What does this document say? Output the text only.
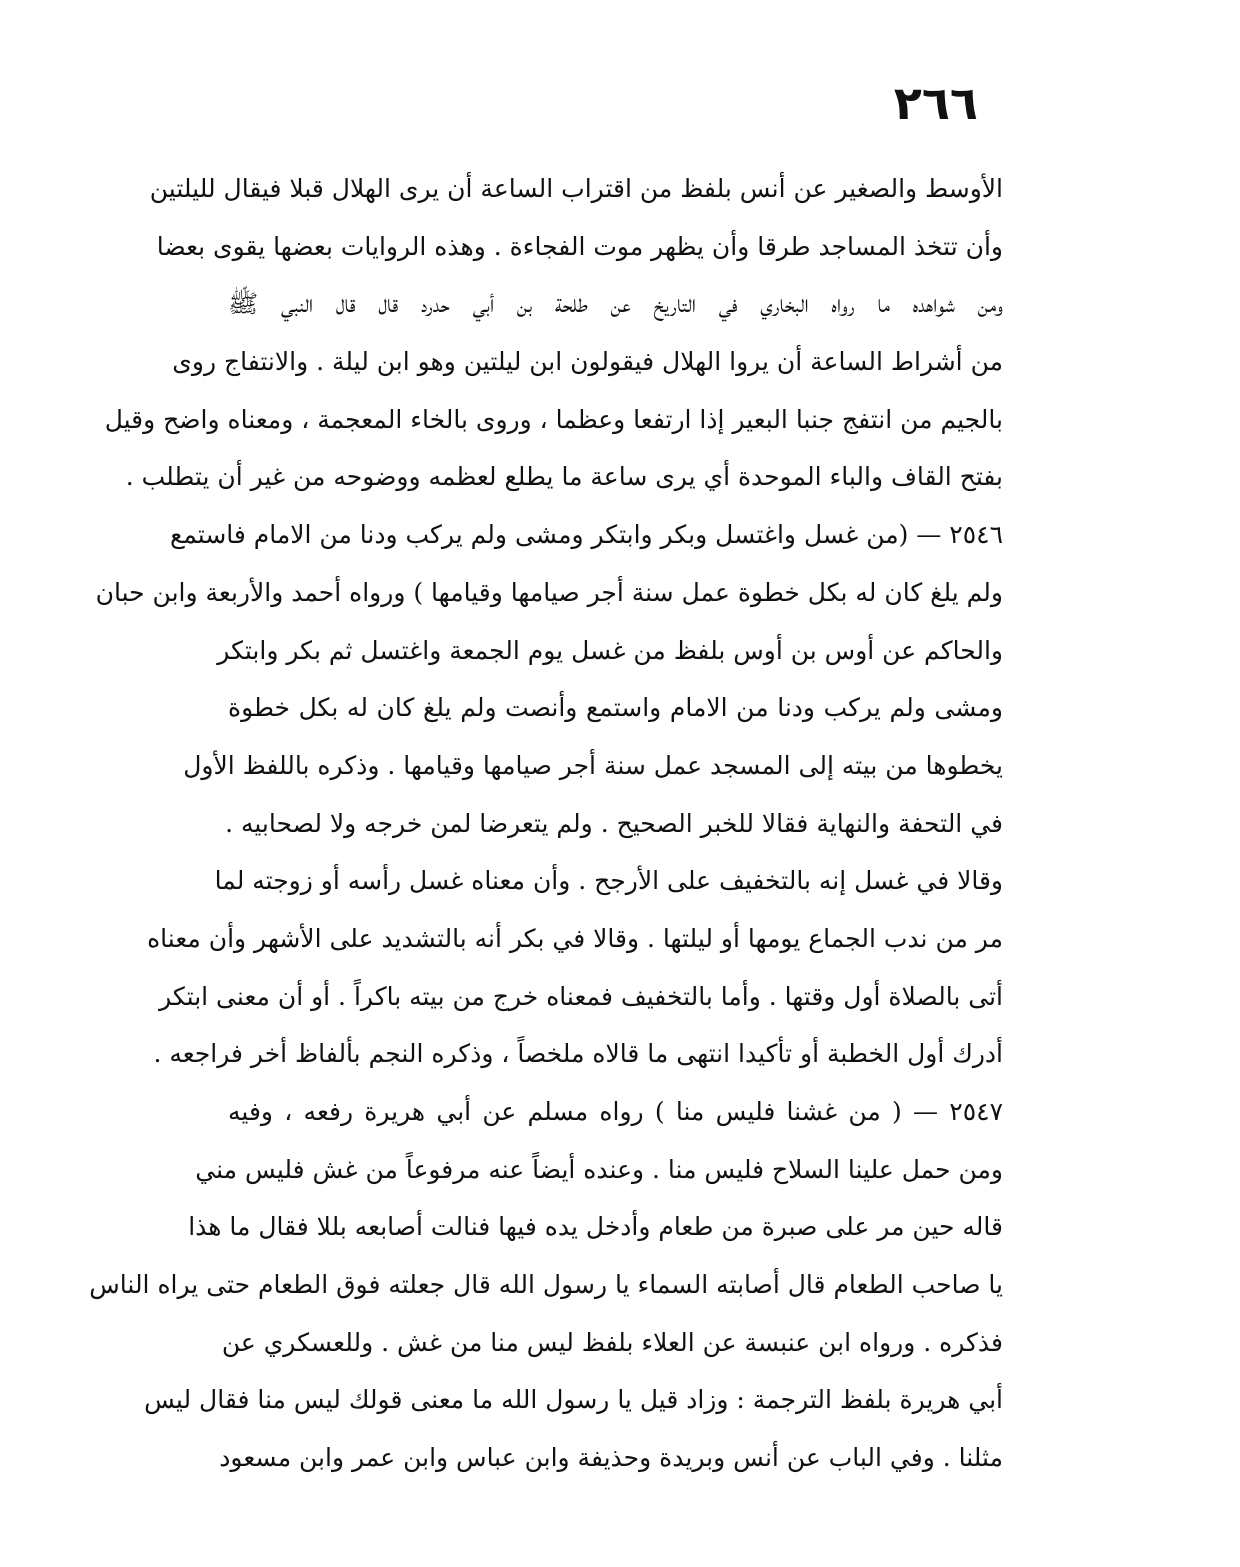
٢٦٦
الأوسط والصغير عن أنس بلفظ من اقتراب الساعة أن يرى الهلال قبلا فيقال لليلتين
وأن تتخذ المساجد طرقا وأن يظهر موت الفجاءة . وهذه الروايات بعضها يقوى بعضا
ومن شواهده ما رواه البخاري في التاريخ عن طلحة بن أبي حدرد قال قال النبي ﷺ
من أشراط الساعة أن يروا الهلال فيقولون ابن ليلتين وهو ابن ليلة . والانتفاج روى
بالجيم من انتفج جنبا البعير إذا ارتفعا وعظما ، وروى بالخاء المعجمة ، ومعناه واضح وقيل
بفتح القاف والباء الموحدة أي يرى ساعة ما يطلع لعظمه ووضوحه من غير أن يتطلب .
٢٥٤٦ — (من غسل واغتسل وبكر وابتكر ومشى ولم يركب ودنا من الامام فاستمع
ولم يلغ كان له بكل خطوة عمل سنة أجر صيامها وقيامها ) ورواه أحمد والأربعة وابن حبان
والحاكم عن أوس بن أوس بلفظ من غسل يوم الجمعة واغتسل ثم بكر وابتكر
ومشى ولم يركب ودنا من الامام واستمع وأنصت ولم يلغ كان له بكل خطوة
يخطوها من بيته إلى المسجد عمل سنة أجر صيامها وقيامها . وذكره باللفظ الأول
في التحفة والنهاية فقالا للخبر الصحيح . ولم يتعرضا لمن خرجه ولا لصحابيه .
وقالا في غسل إنه بالتخفيف على الأرجح . وأن معناه غسل رأسه أو زوجته لما
مر من ندب الجماع يومها أو ليلتها . وقالا في بكر أنه بالتشديد على الأشهر وأن معناه
أتى بالصلاة أول وقتها . وأما بالتخفيف فمعناه خرج من بيته باكراً . أو أن معنى ابتكر
أدرك أول الخطبة أو تأكيدا انتهى ما قالاه ملخصاً ، وذكره النجم بألفاظ أخر فراجعه .
٢٥٤٧ — ( من غشنا فليس منا ) رواه مسلم عن أبي هريرة رفعه ، وفيه
ومن حمل علينا السلاح فليس منا . وعنده أيضاً عنه مرفوعاً من غش فليس مني
قاله حين مر على صبرة من طعام وأدخل يده فيها فنالت أصابعه بللا فقال ما هذا
يا صاحب الطعام قال أصابته السماء يا رسول الله قال جعلته فوق الطعام حتى يراه الناس
فذكره . ورواه ابن عنبسة عن العلاء بلفظ ليس منا من غش . وللعسكري عن
أبي هريرة بلفظ الترجمة : وزاد قيل يا رسول الله ما معنى قولك ليس منا فقال ليس
مثلنا . وفي الباب عن أنس وبريدة وحذيفة وابن عباس وابن عمر وابن مسعود
